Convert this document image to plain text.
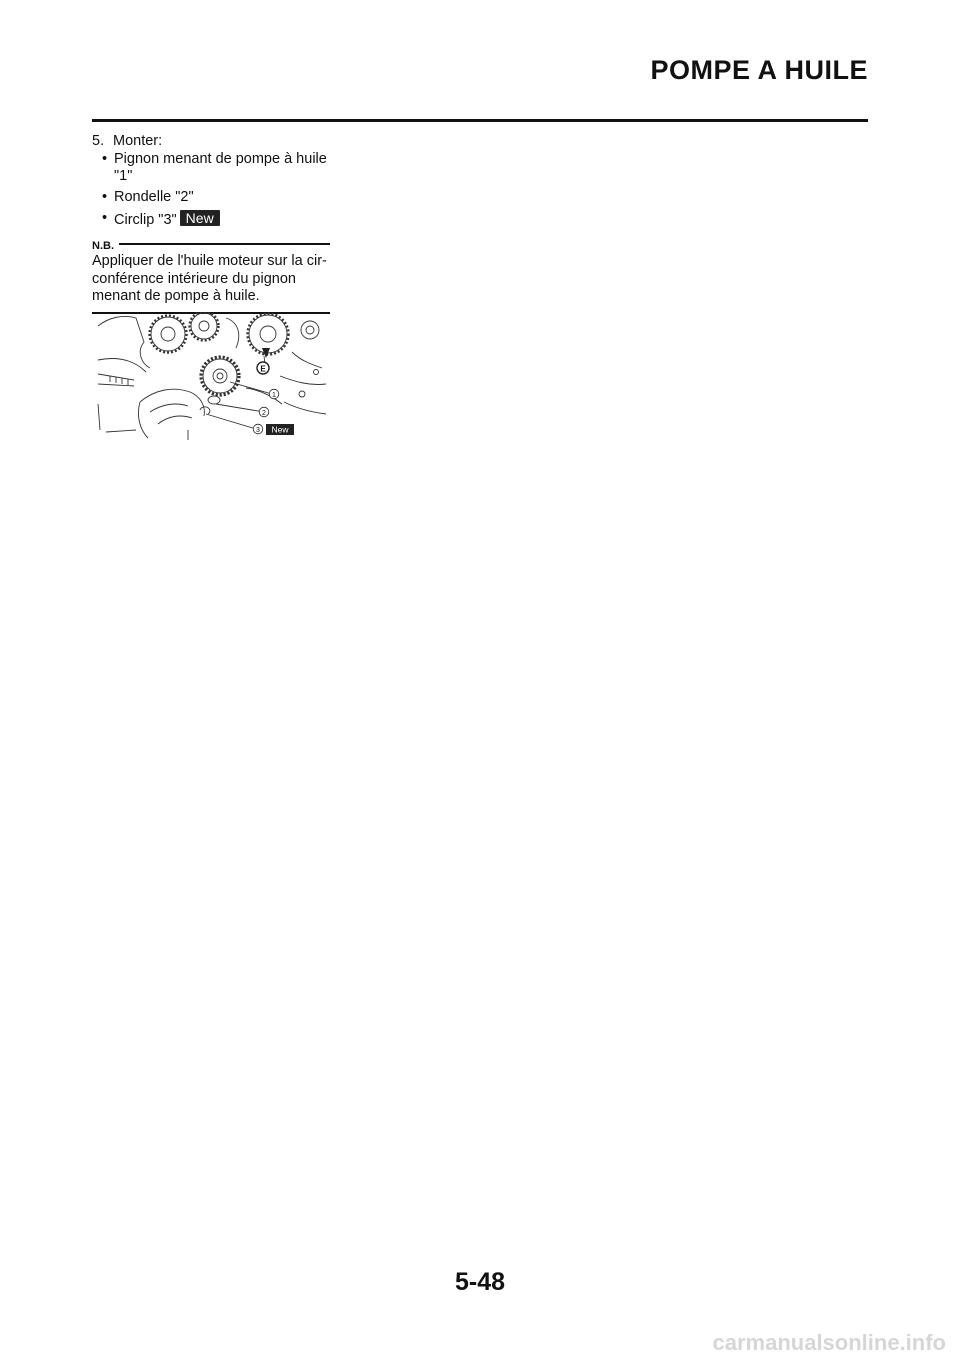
POMPE A HUILE
5. Monter:
• Pignon menant de pompe à huile "1"
• Rondelle "2"
• Circlip "3" New
N.B.
Appliquer de l'huile moteur sur la cir-
conférence intérieure du pignon
menant de pompe à huile.
E
1
2
3 New
5-48
carmanualsonline.info
